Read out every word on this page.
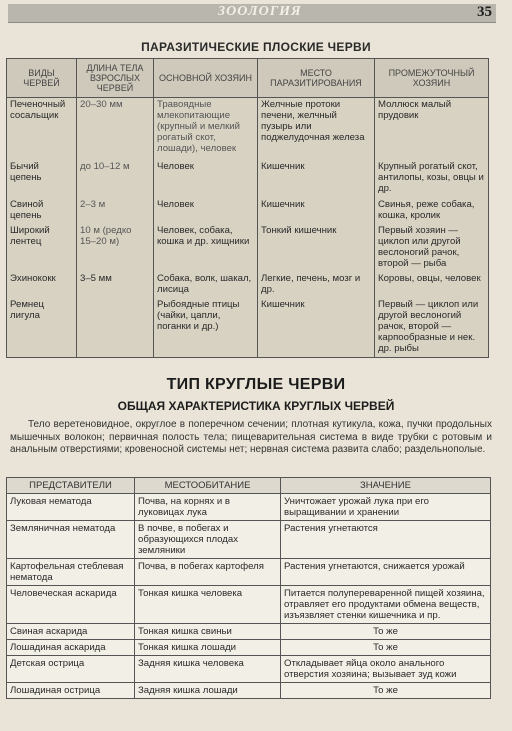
ЗООЛОГИЯ	35
ПАРАЗИТИЧЕСКИЕ ПЛОСКИЕ ЧЕРВИ
ВИДЫ ЧЕРВЕЙ	ДЛИНА ТЕЛА ВЗРОСЛЫХ ЧЕРВЕЙ	ОСНОВНОЙ ХОЗЯИН	МЕСТО ПАРАЗИТИРОВАНИЯ	ПРОМЕЖУТОЧНЫЙ ХОЗЯИН
Печеночный сосальщик	20–30 мм	Травоядные млекопитающие (крупный и мелкий рогатый скот, лошади), человек	Желчные протоки печени, желчный пузырь или поджелудочная железа	Моллюск малый прудовик
Бычий цепень	до 10–12 м	Человек	Кишечник	Крупный рогатый скот, антилопы, козы, овцы и др.
Свиной цепень	2–3 м	Человек	Кишечник	Свинья, реже собака, кошка, кролик
Широкий лентец	10 м (редко 15–20 м)	Человек, собака, кошка и др. хищники	Тонкий кишечник	Первый хозяин — циклоп или другой веслоногий рачок, второй — рыба
Эхинококк	3–5 мм	Собака, волк, шакал, лисица	Легкие, печень, мозг и др.	Коровы, овцы, человек
Ремнец лигула		Рыбоядные птицы (чайки, цапли, поганки и др.)	Кишечник	Первый — циклоп или другой веслоногий рачок, второй — карпообразные и нек. др. рыбы
ТИП КРУГЛЫЕ ЧЕРВИ
ОБЩАЯ ХАРАКТЕРИСТИКА КРУГЛЫХ ЧЕРВЕЙ
Тело веретеновидное, округлое в поперечном сечении; плотная кутикула, кожа, пучки продольных мышечных волокон; первичная полость тела; пищеварительная система в виде трубки с ротовым и анальным отверстиями; кровеносной системы нет; нервная система развита слабо; раздельнополые.
ПРЕДСТАВИТЕЛИ	МЕСТООБИТАНИЕ	ЗНАЧЕНИЕ
Луковая нематода	Почва, на корнях и в луковицах лука	Уничтожает урожай лука при его выращивании и хранении
Земляничная нематода	В почве, в побегах и образующихся плодах земляники	Растения угнетаются
Картофельная стеблевая нематода	Почва, в побегах картофеля	Растения угнетаются, снижается урожай
Человеческая аскарида	Тонкая кишка человека	Питается полупереваренной пищей хозяина, отравляет его продуктами обмена веществ, изъязвляет стенки кишечника и пр.
Свиная аскарида	Тонкая кишка свиньи	То же
Лошадиная аскарида	Тонкая кишка лошади	То же
Детская острица	Задняя кишка человека	Откладывает яйца около анального отверстия хозяина; вызывает зуд кожи
Лошадиная острица	Задняя кишка лошади	То же
